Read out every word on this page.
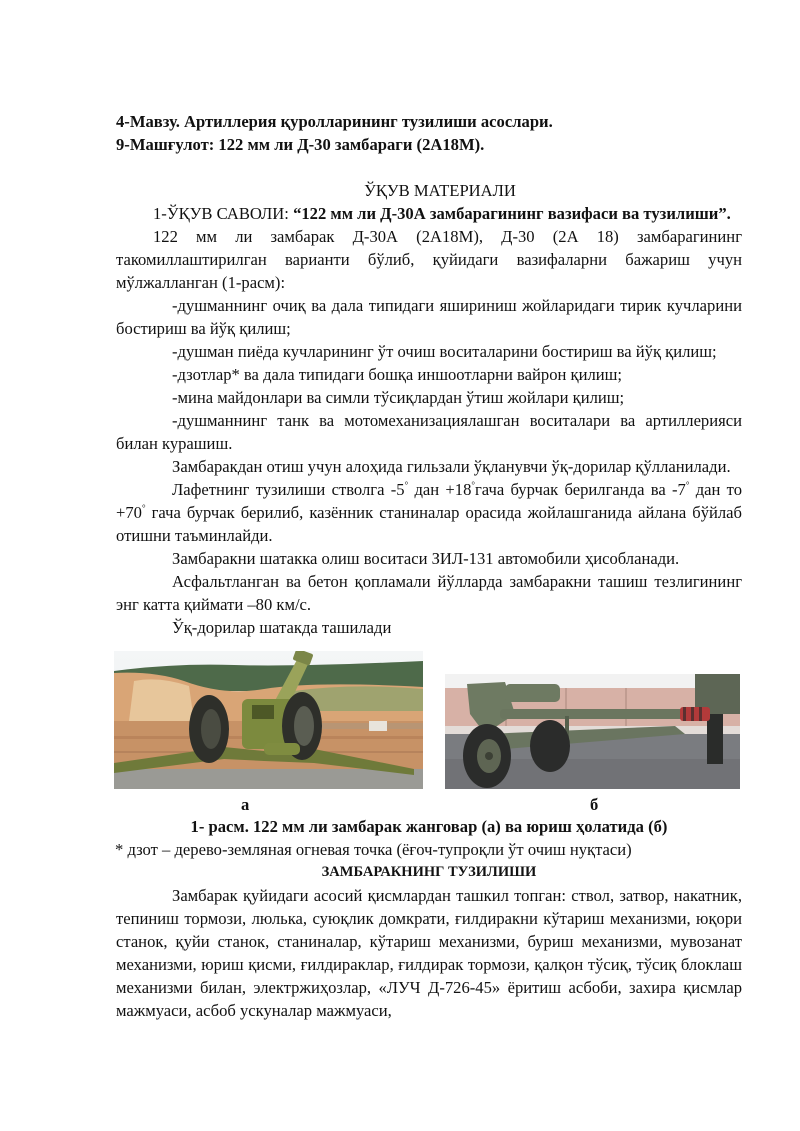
4-Мавзу. Артиллерия қуролларининг тузилиши асослари.

9-Машғулот: 122 мм ли Д-30 замбараги (2А18М).

ЎҚУВ МАТЕРИАЛИ

1-ЎҚУВ САВОЛИ: “122 мм ли Д-30А замбарагининг вазифаси ва тузилиши”.

122 мм ли замбарак Д-30А (2А18М), Д-30 (2А 18) замбарагининг такомиллаштирилган варианти бўлиб, қуйидаги вазифаларни бажариш учун мўлжалланган (1-расм):

-душманнинг очиқ ва дала типидаги яшириниш жойларидаги тирик кучларини бостириш ва йўқ қилиш;

-душман пиёда кучларининг ўт очиш воситаларини бостириш ва йўқ қилиш;

-дзотлар* ва дала типидаги бошқа иншоотларни вайрон қилиш;

-мина майдонлари ва симли тўсиқлардан ўтиш жойлари қилиш;

-душманнинг танк ва мотомеханизациялашган воситалари ва артиллерияси билан курашиш.

Замбаракдан отиш учун алоҳида гильзали ўқланувчи ўқ-дорилар қўлланилади.

Лафетнинг тузилиши стволга -5° дан +18°гача бурчак берилганда ва -7° дан то +70° гача бурчак берилиб, казённик станиналар орасида жойлашганида айлана бўйлаб отишни таъминлайди.

Замбаракни шатакка олиш воситаси ЗИЛ-131 автомобили ҳисобланади.

Асфальтланган ва бетон қопламали йўлларда замбаракни ташиш тезлигининг энг катта қиймати –80 км/с.

Ўқ-дорилар шатакда ташилади

а	б

1- расм. 122 мм ли замбарак жанговар (а) ва юриш ҳолатида (б)

* дзот – дерево-земляная огневая точка (ёғоч-тупроқли ўт очиш нуқтаси)

ЗАМБАРАКНИНГ ТУЗИЛИШИ

Замбарак қуйидаги асосий қисмлардан ташкил топган: ствол, затвор, накатник, тепиниш тормози, люлька, суюқлик домкрати, ғилдиракни кўтариш механизми, юқори станок, қуйи станок, станиналар, кўтариш механизми, буриш механизми, мувозанат механизми, юриш қисми, ғилдираклар, ғилдирак тормози, қалқон тўсиқ, тўсиқ блоклаш механизми билан, электржиҳозлар, «ЛУЧ Д-726-45» ёритиш асбоби, захира қисмлар мажмуаси, асбоб ускуналар мажмуаси,
